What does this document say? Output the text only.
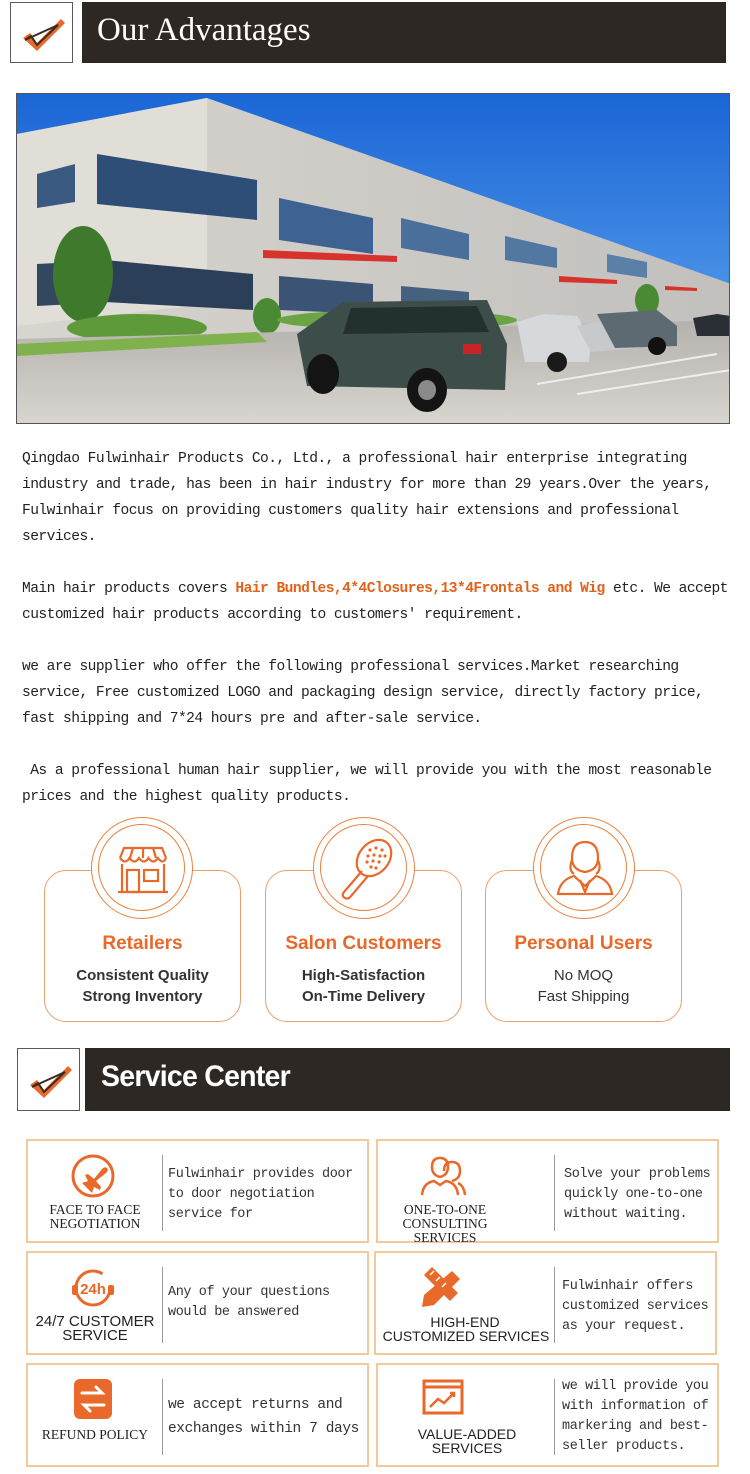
Our Advantages

Qingdao Fulwinhair Products Co., Ltd., a professional hair enterprise integrating industry and trade, has been in hair industry for more than 29 years.Over the years, Fulwinhair focus on providing customers quality hair extensions and professional services.

Main hair products covers Hair Bundles,4*4Closures,13*4Frontals and Wig etc. We accept customized hair products according to customers' requirement.

we are supplier who offer the following professional services.Market researching service, Free customized LOGO and packaging design service, directly factory price, fast shipping and 7*24 hours pre and after-sale service.

As a professional human hair supplier, we will provide you with the most reasonable prices and the highest quality products.

Retailers
Consistent Quality
Strong Inventory
Salon Customers
High-Satisfaction
On-Time Delivery
Personal Users
No MOQ
Fast Shipping
Service Center
FACE TO FACE
NEGOTIATION
Fulwinhair provides door to door negotiation service for	ONE-TO-ONE
CONSULTING SERVICES
Solve your problems quickly one-to-one without waiting.
24h
24/7 CUSTOMER
SERVICE
Any of your questions would be answered
HIGH-END
CUSTOMIZED SERVICES
Fulwinhair offers customized services as your request.
REFUND POLICY
we accept returns and exchanges within 7 days	VALUE-ADDED
SERVICES
we will provide you with information of markering and best-seller products.
